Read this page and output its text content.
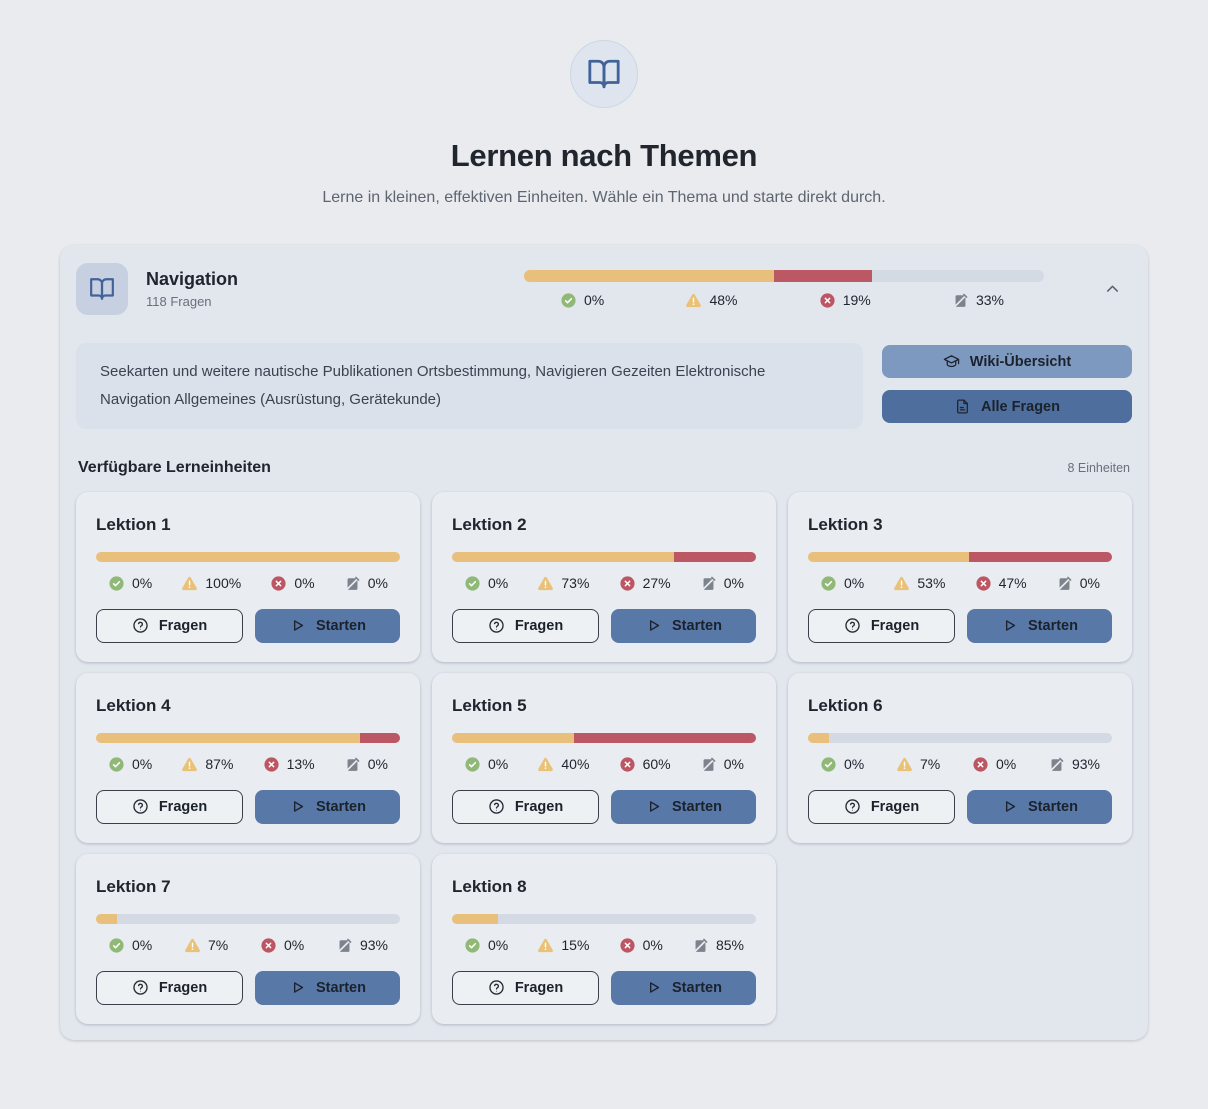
Lernen nach Themen

Lerne in kleinen, effektiven Einheiten. Wähle ein Thema und starte direkt durch.

Navigation
118 Fragen	0%	48%	19%	33%
Seekarten und weitere nautische Publikationen Ortsbestimmung, Navigieren Gezeiten Elektronische Navigation Allgemeines (Ausrüstung, Gerätekunde)
Wiki-Übersicht
Alle Fragen
Verfügbare Lerneinheiten	8 Einheiten
Lektion 1
0%	100%	0%	0%
Fragen	Starten
Lektion 2
0%	73%	27%	0%
Fragen	Starten
Lektion 3
0%	53%	47%	0%
Fragen	Starten
Lektion 4
0%	87%	13%	0%
Fragen	Starten
Lektion 5
0%	40%	60%	0%
Fragen	Starten
Lektion 6
0%	7%	0%	93%
Fragen	Starten
Lektion 7
0%	7%	0%	93%
Fragen	Starten
Lektion 8
0%	15%	0%	85%
Fragen	Starten
